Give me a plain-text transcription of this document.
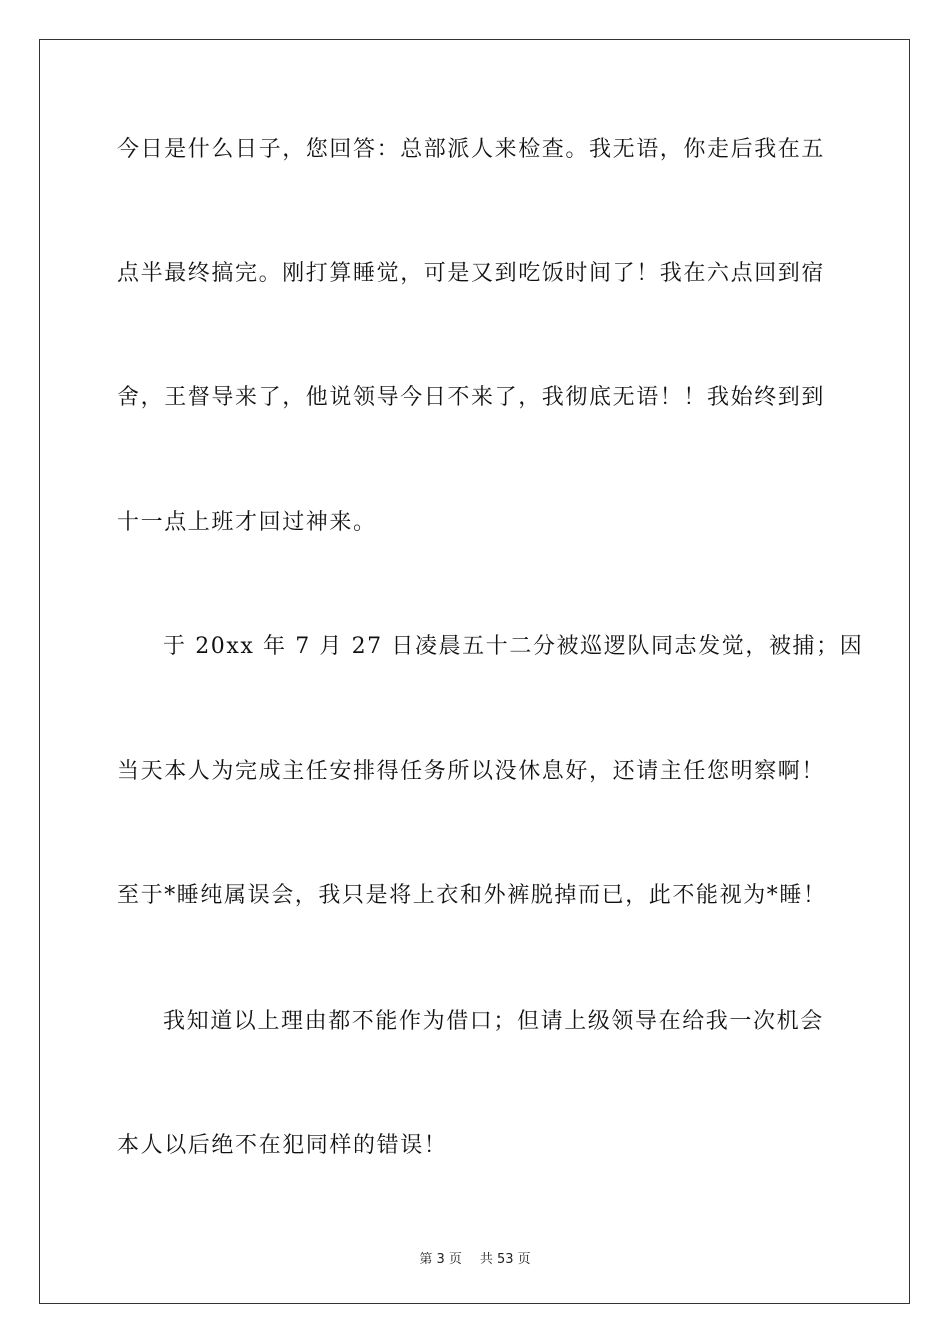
今日是什么日子，您回答：总部派人来检查。我无语，你走后我在五
点半最终搞完。刚打算睡觉，可是又到吃饭时间了！我在六点回到宿
舍，王督导来了，他说领导今日不来了，我彻底无语！！我始终到到
十一点上班才回过神来。
于 20xx 年 7 月 27 日凌晨五十二分被巡逻队同志发觉，被捕；因
当天本人为完成主任安排得任务所以没休息好，还请主任您明察啊！
至于*睡纯属误会，我只是将上衣和外裤脱掉而已，此不能视为*睡！
我知道以上理由都不能作为借口；但请上级领导在给我一次机会
本人以后绝不在犯同样的错误！
第 3 页 共 53 页
